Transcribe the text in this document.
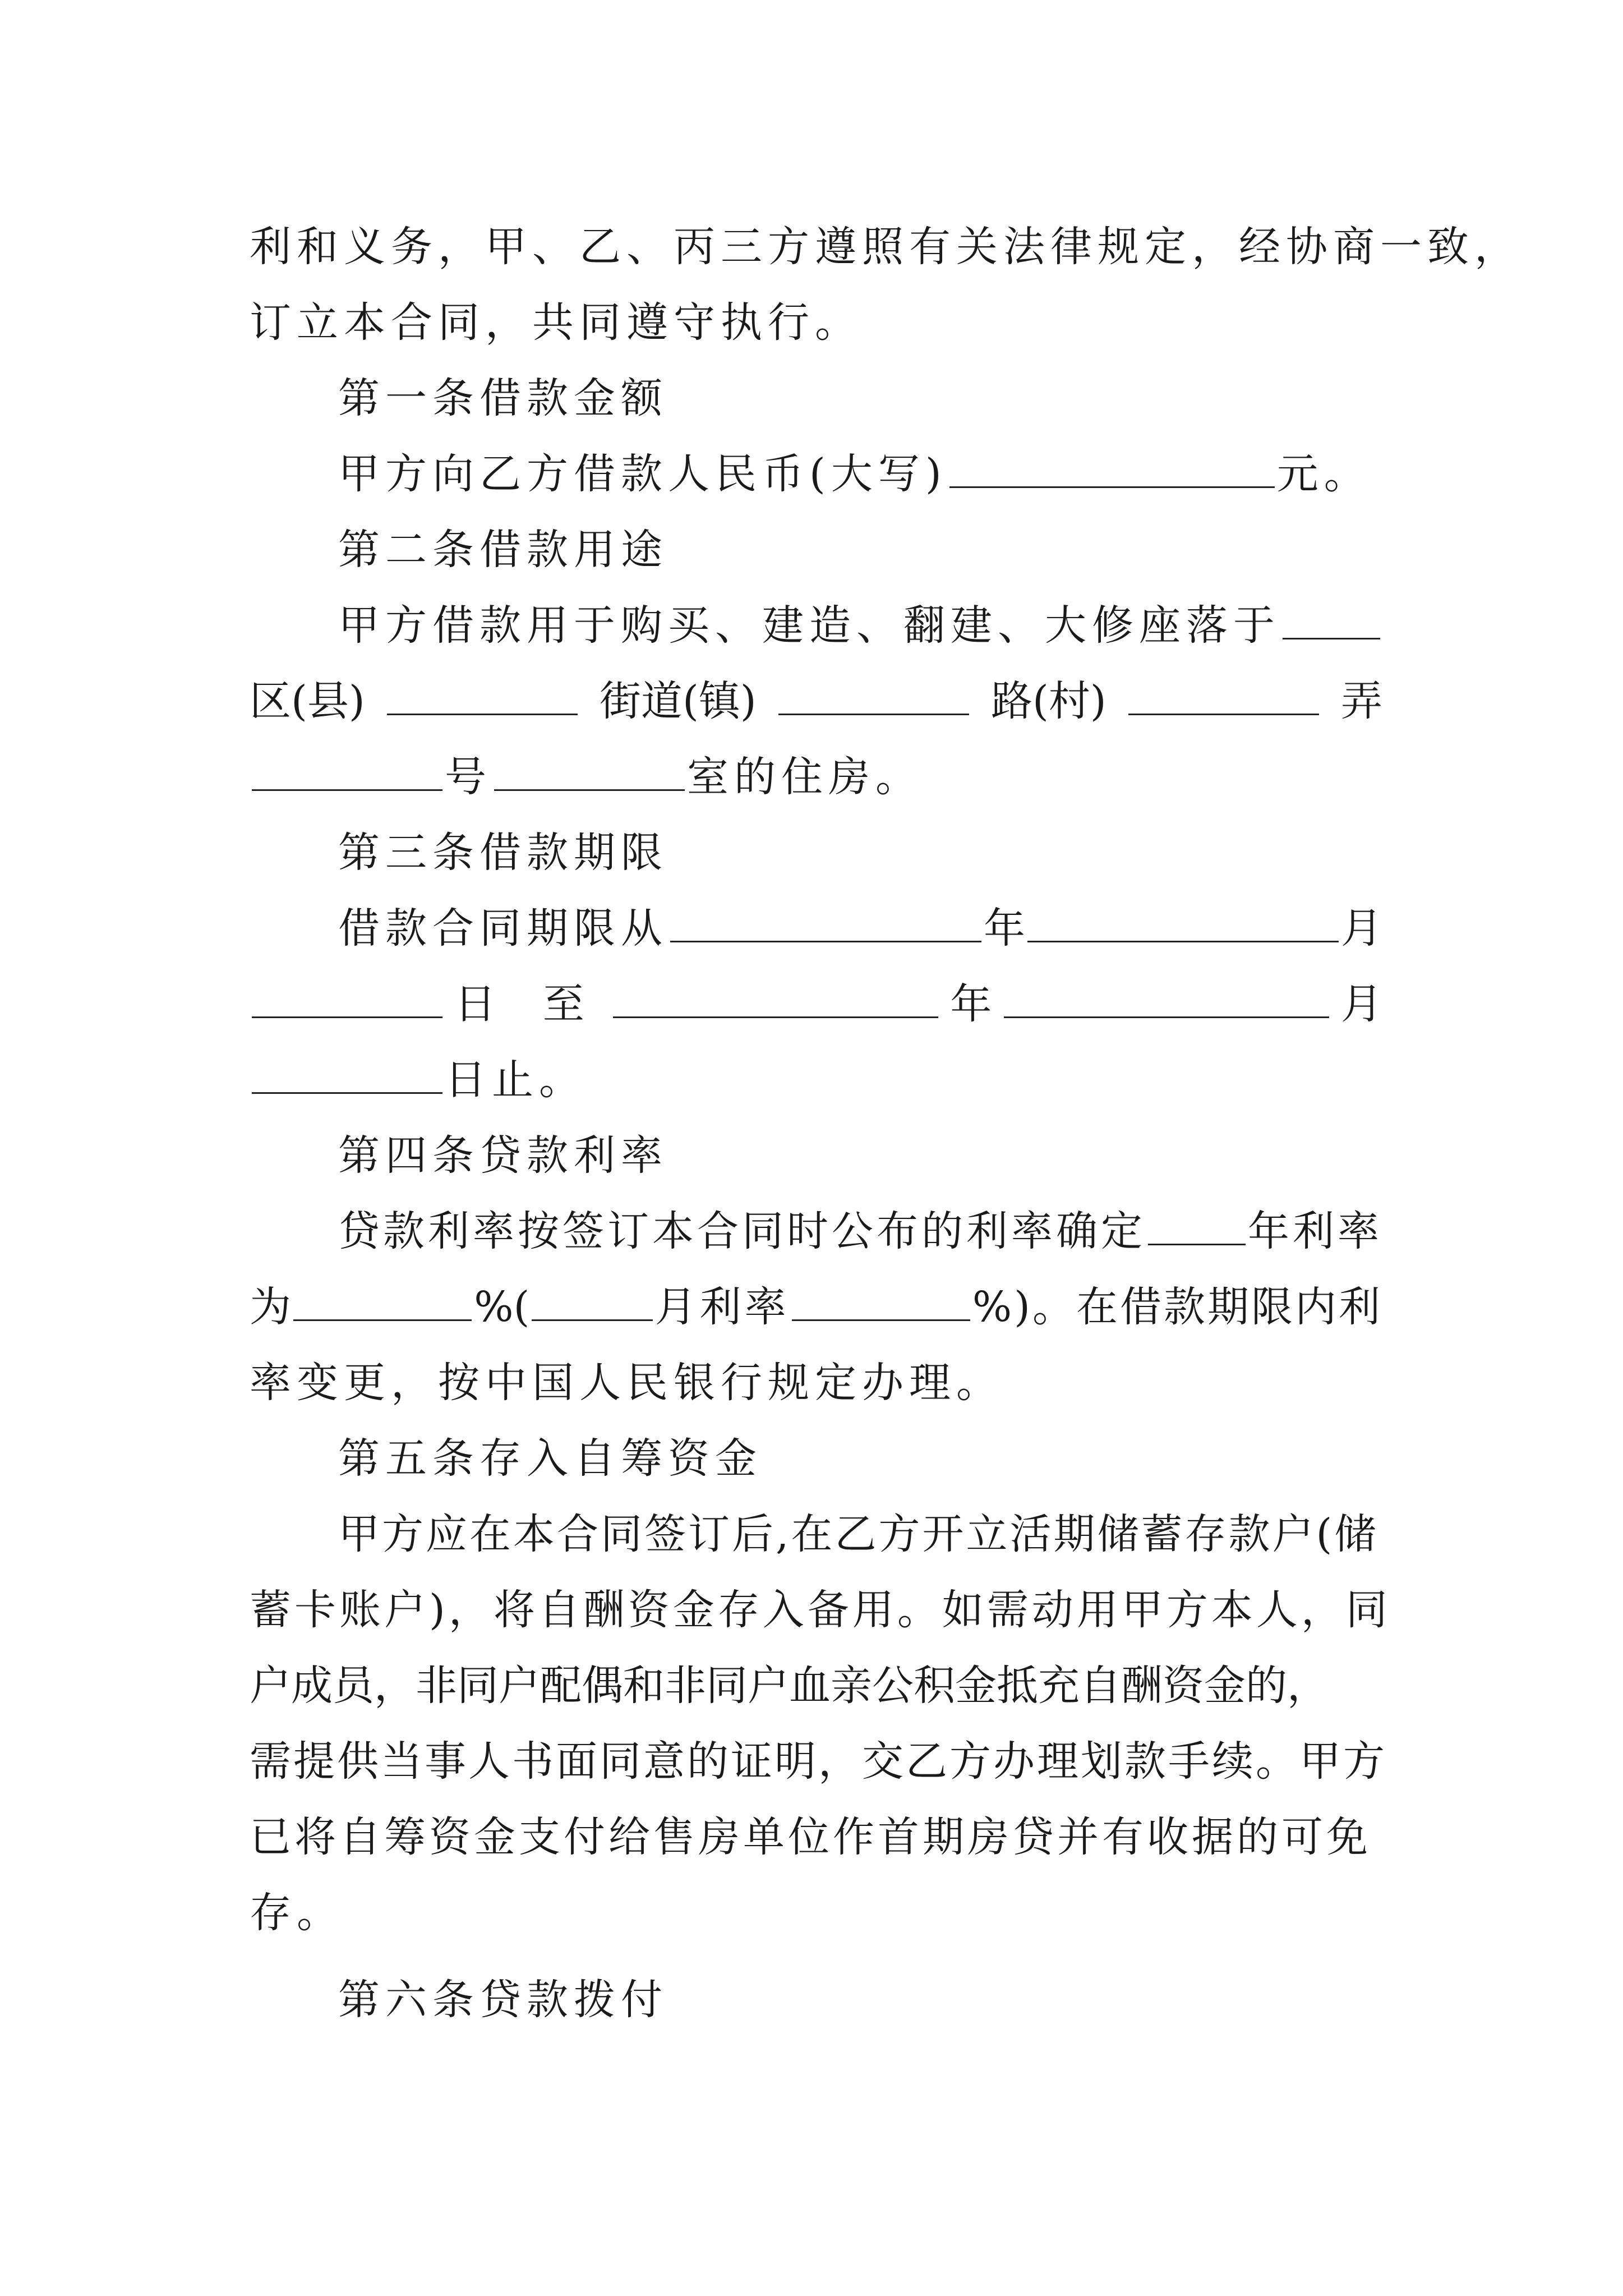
利和义务，甲、乙、丙三方遵照有关法律规定，经协商一致，
订立本合同，共同遵守执行。
第一条借款金额
甲方向乙方借款人民币(大写)	元。
第二条借款用途
甲方借款用于购买、建造、翻建、大修座落于
区(县)	街道(镇)	路(村)	弄
号	室的住房。
第三条借款期限
借款合同期限从	年	月
日 至	年	月
日止。
第四条贷款利率
贷款利率按签订本合同时公布的利率确定 年利率
为	%(	月利率	%)。在借款期限内利
率变更，按中国人民银行规定办理。
第五条存入自筹资金
甲方应在本合同签订后,在乙方开立活期储蓄存款户(储
蓄卡账户)，将自酬资金存入备用。如需动用甲方本人，同
户成员，非同户配偶和非同户血亲公积金抵充自酬资金的，
需提供当事人书面同意的证明，交乙方办理划款手续。甲方
已将自筹资金支付给售房单位作首期房贷并有收据的可免
存。
第六条贷款拨付
